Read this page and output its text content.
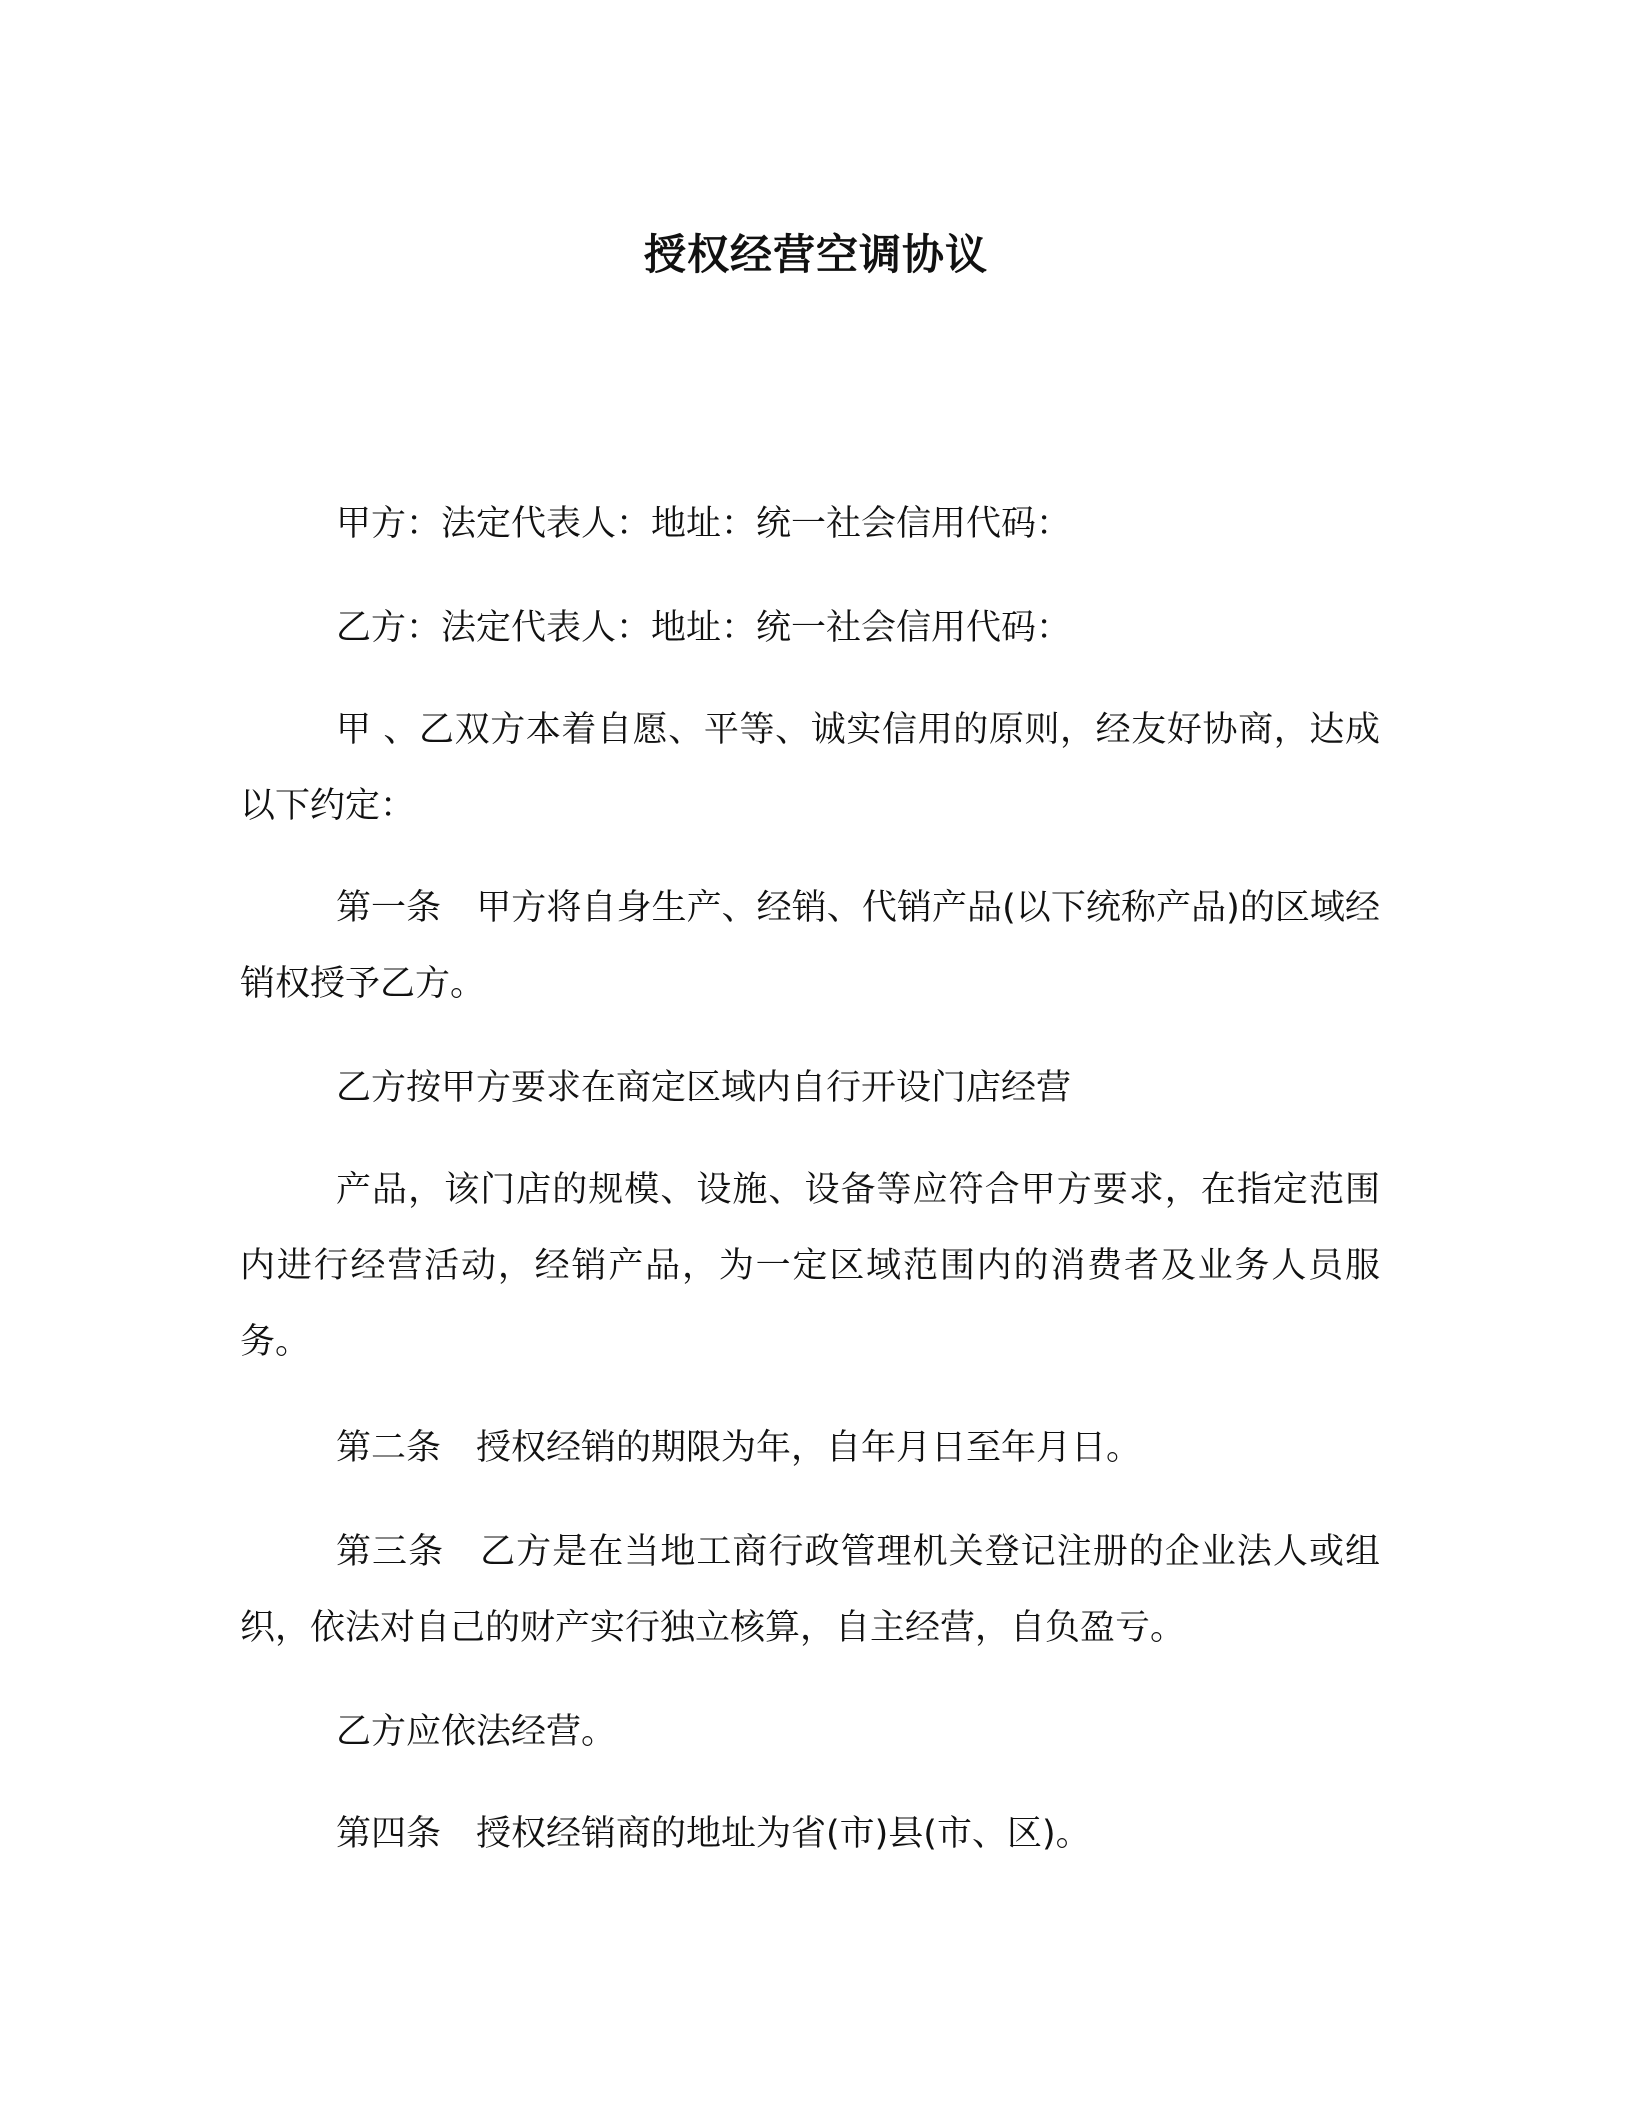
授权经营空调协议

甲方：法定代表人：地址：统一社会信用代码：

乙方：法定代表人：地址：统一社会信用代码：

甲 、乙双方本着自愿、平等、诚实信用的原则，经友好协商，达成以下约定：

第一条　甲方将自身生产、经销、代销产品(以下统称产品)的区域经销权授予乙方。

乙方按甲方要求在商定区域内自行开设门店经营

产品，该门店的规模、设施、设备等应符合甲方要求，在指定范围内进行经营活动，经销产品，为一定区域范围内的消费者及业务人员服务。

第二条　授权经销的期限为年，自年月日至年月日。

第三条　乙方是在当地工商行政管理机关登记注册的企业法人或组织，依法对自己的财产实行独立核算，自主经营，自负盈亏。

乙方应依法经营。

第四条　授权经销商的地址为省(市)县(市、区)。
